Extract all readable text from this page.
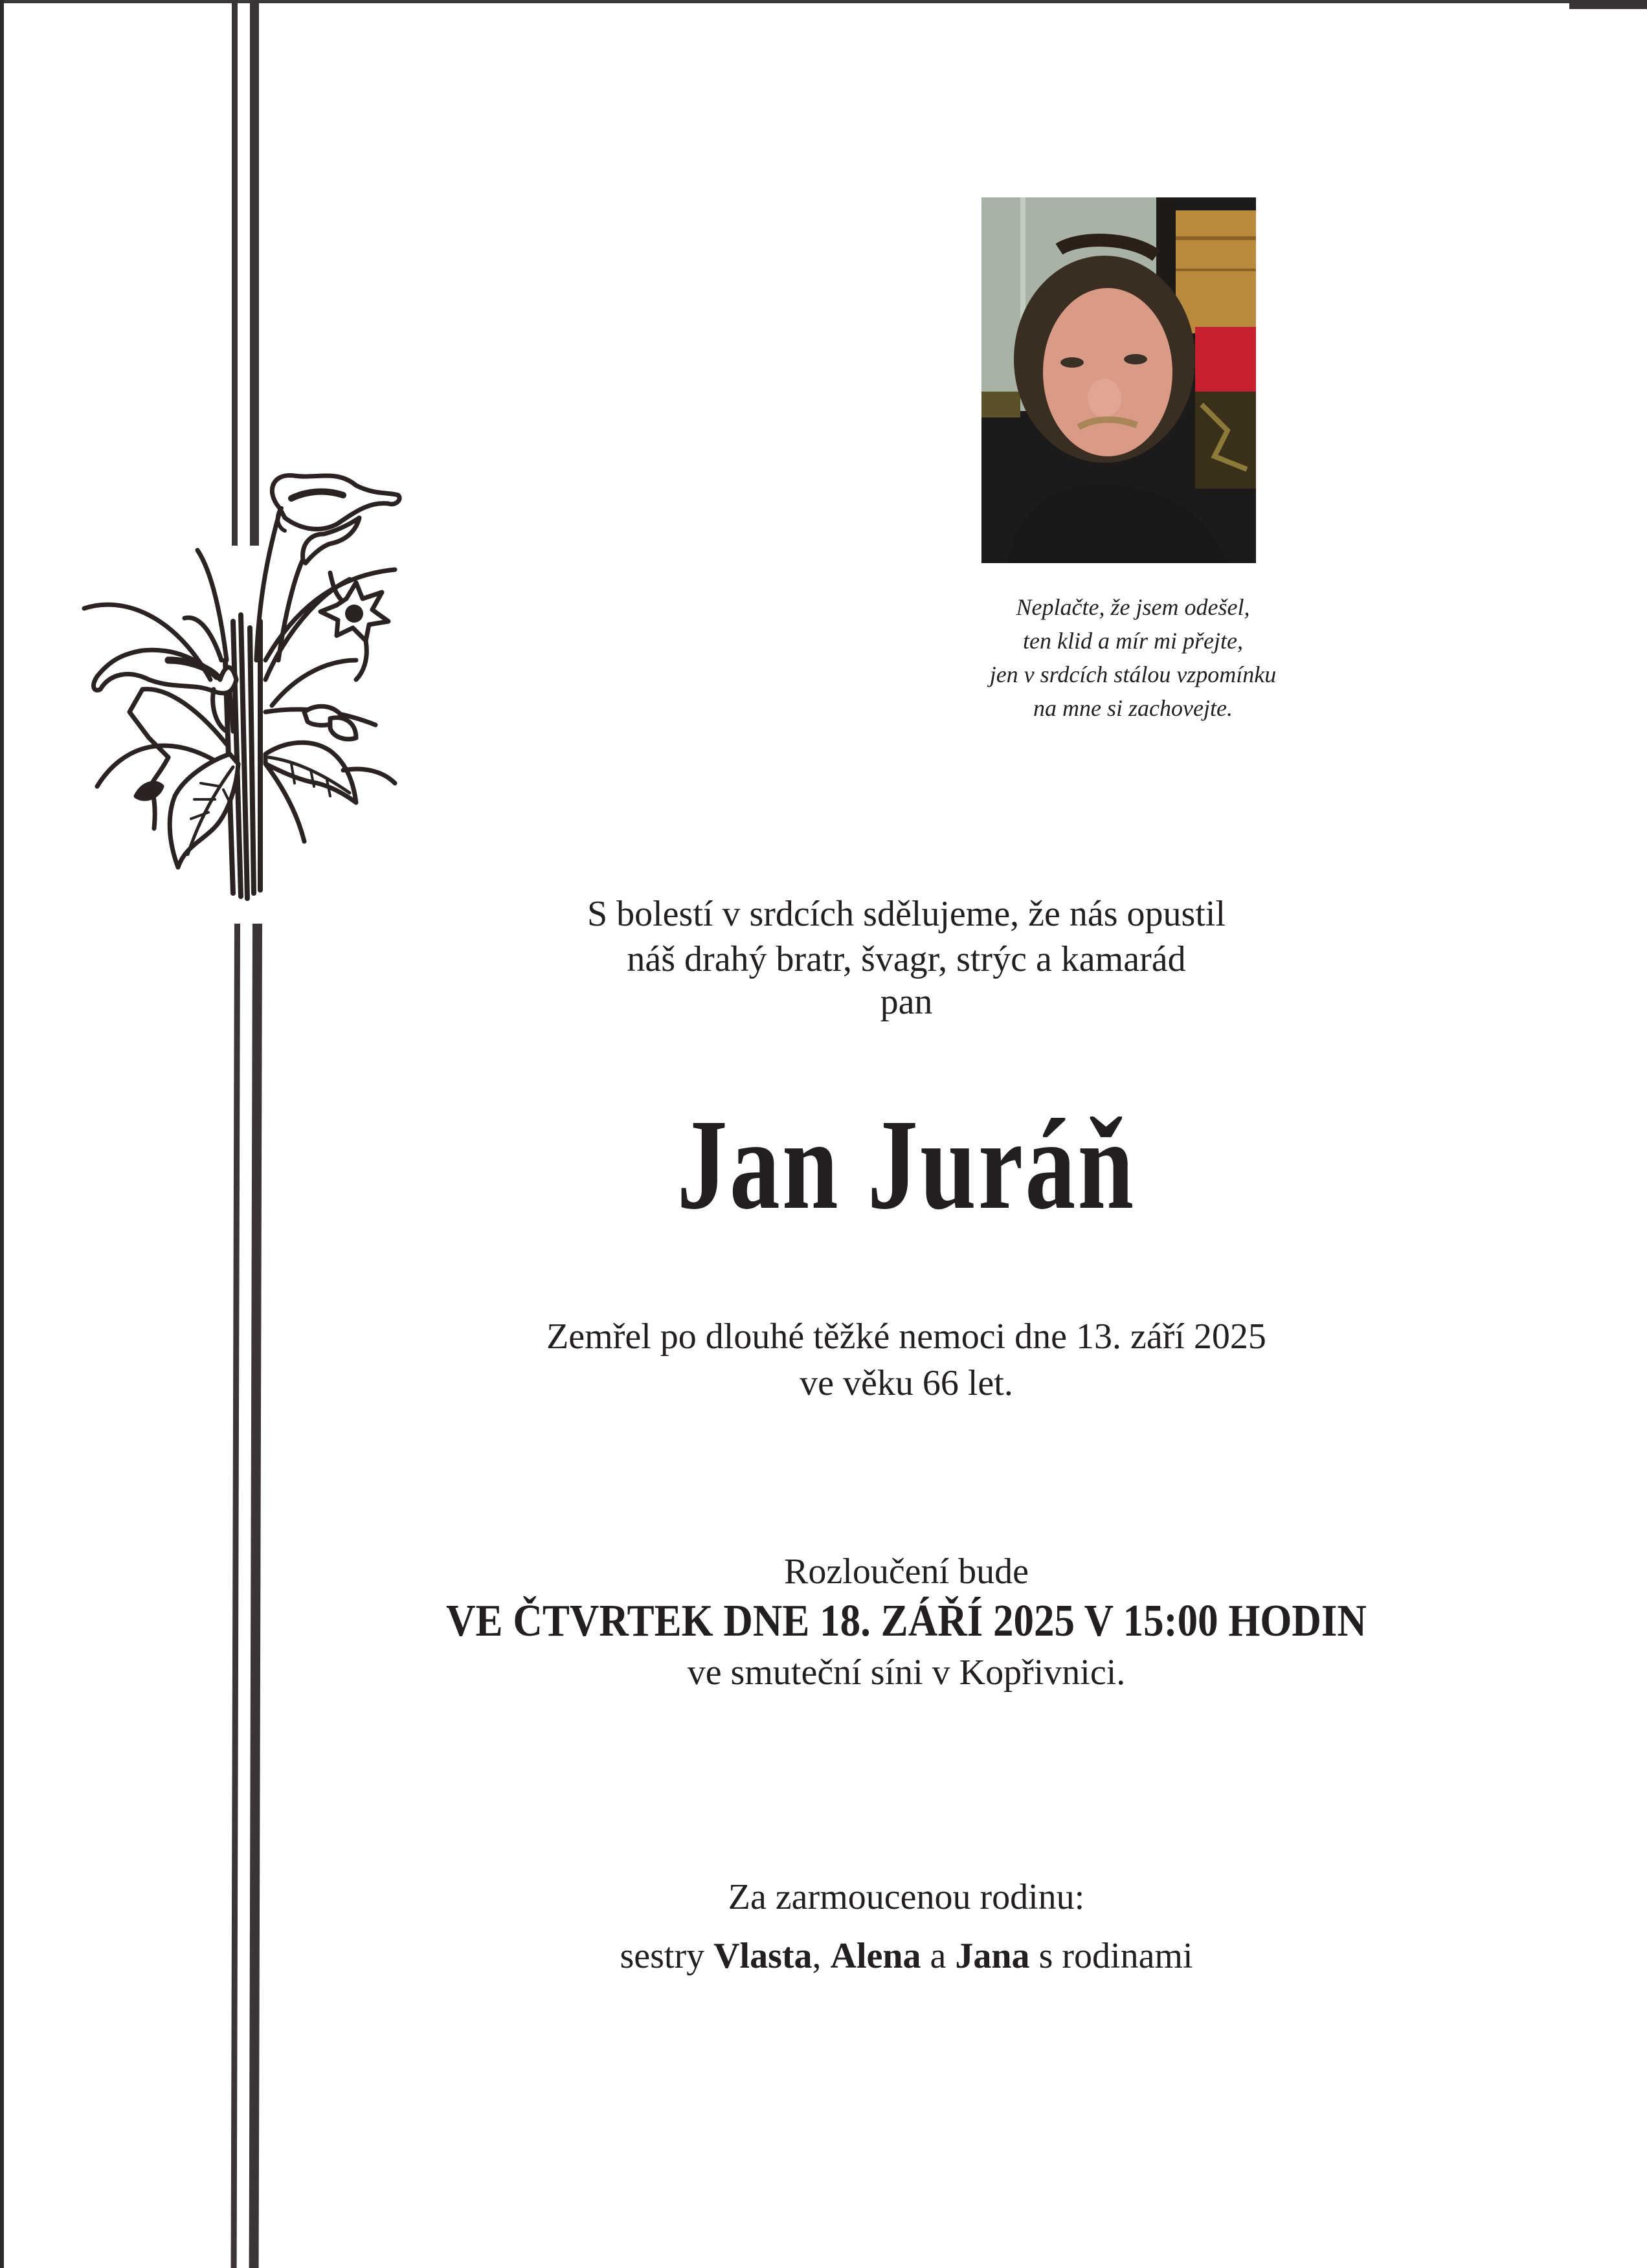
Neplačte, že jsem odešel,
ten klid a mír mi přejte,
jen v srdcích stálou vzpomínku
na mne si zachovejte.
S bolestí v srdcích sdělujeme, že nás opustil
náš drahý bratr, švagr, strýc a kamarád
pan
Jan Juráň
Zemřel po dlouhé těžké nemoci dne 13. září 2025
ve věku 66 let.
Rozloučení bude
VE ČTVRTEK DNE 18. ZÁŘÍ 2025 V 15:00 HODIN
ve smuteční síni v Kopřivnici.
Za zarmoucenou rodinu:
sestry Vlasta, Alena a Jana s rodinami
